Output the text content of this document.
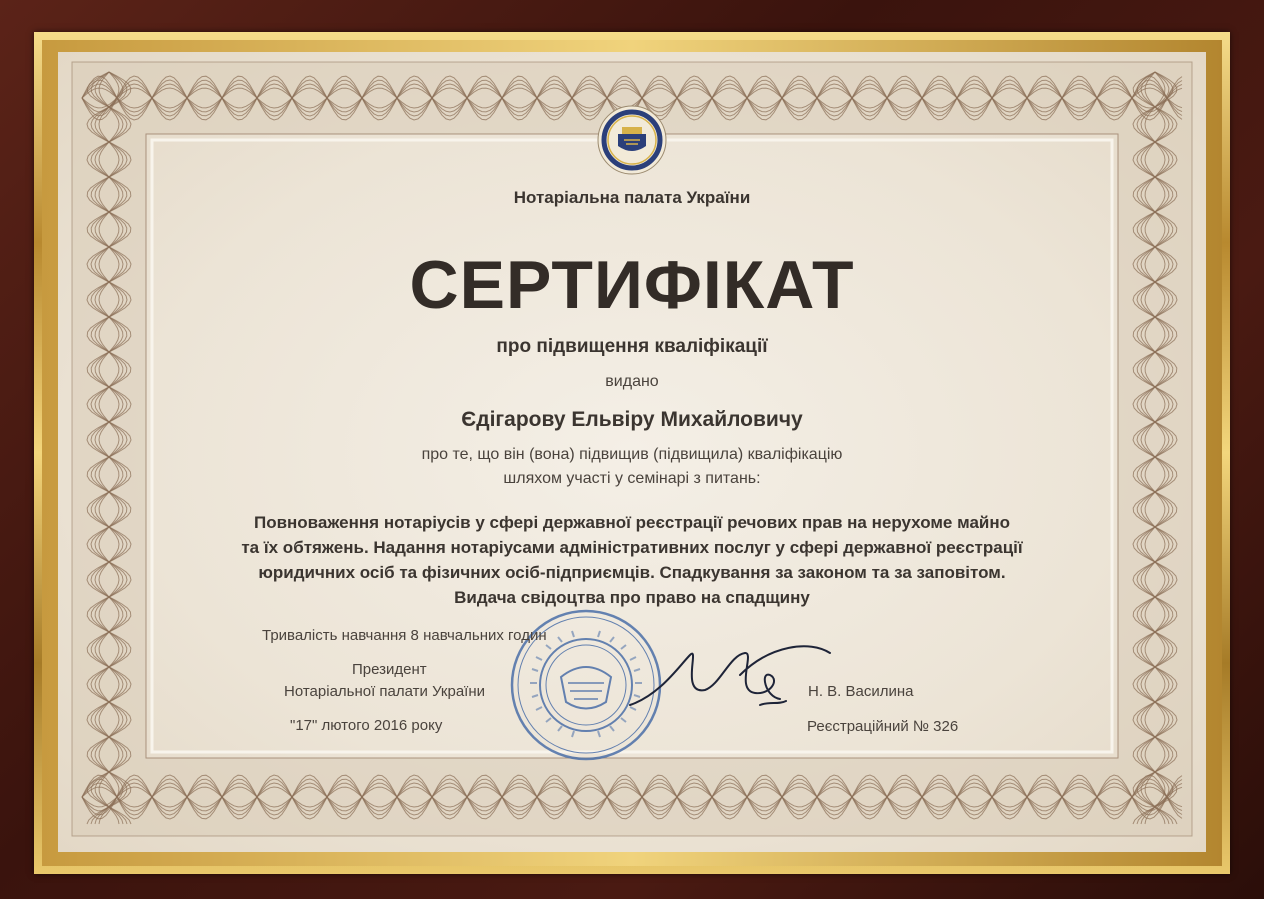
Нотаріальна палата України
СЕРТИФІКАТ
про підвищення кваліфікації
видано
Єдігарову Ельвіру Михайловичу
про те, що він (вона) підвищив (підвищила) кваліфікацію
шляхом участі у семінарі з питань:
Повноваження нотаріусів у сфері державної реєстрації речових прав на нерухоме майно
та їх обтяжень. Надання нотаріусами адміністративних послуг у сфері державної реєстрації
юридичних осіб та фізичних осіб-підприємців. Спадкування за законом та за заповітом.
Видача свідоцтва про право на спадщину
Тривалість навчання 8 навчальних годин
Президент
Нотаріальної палати України
"17" лютого 2016 року
Н. В. Василина
Реєстраційний № 326
